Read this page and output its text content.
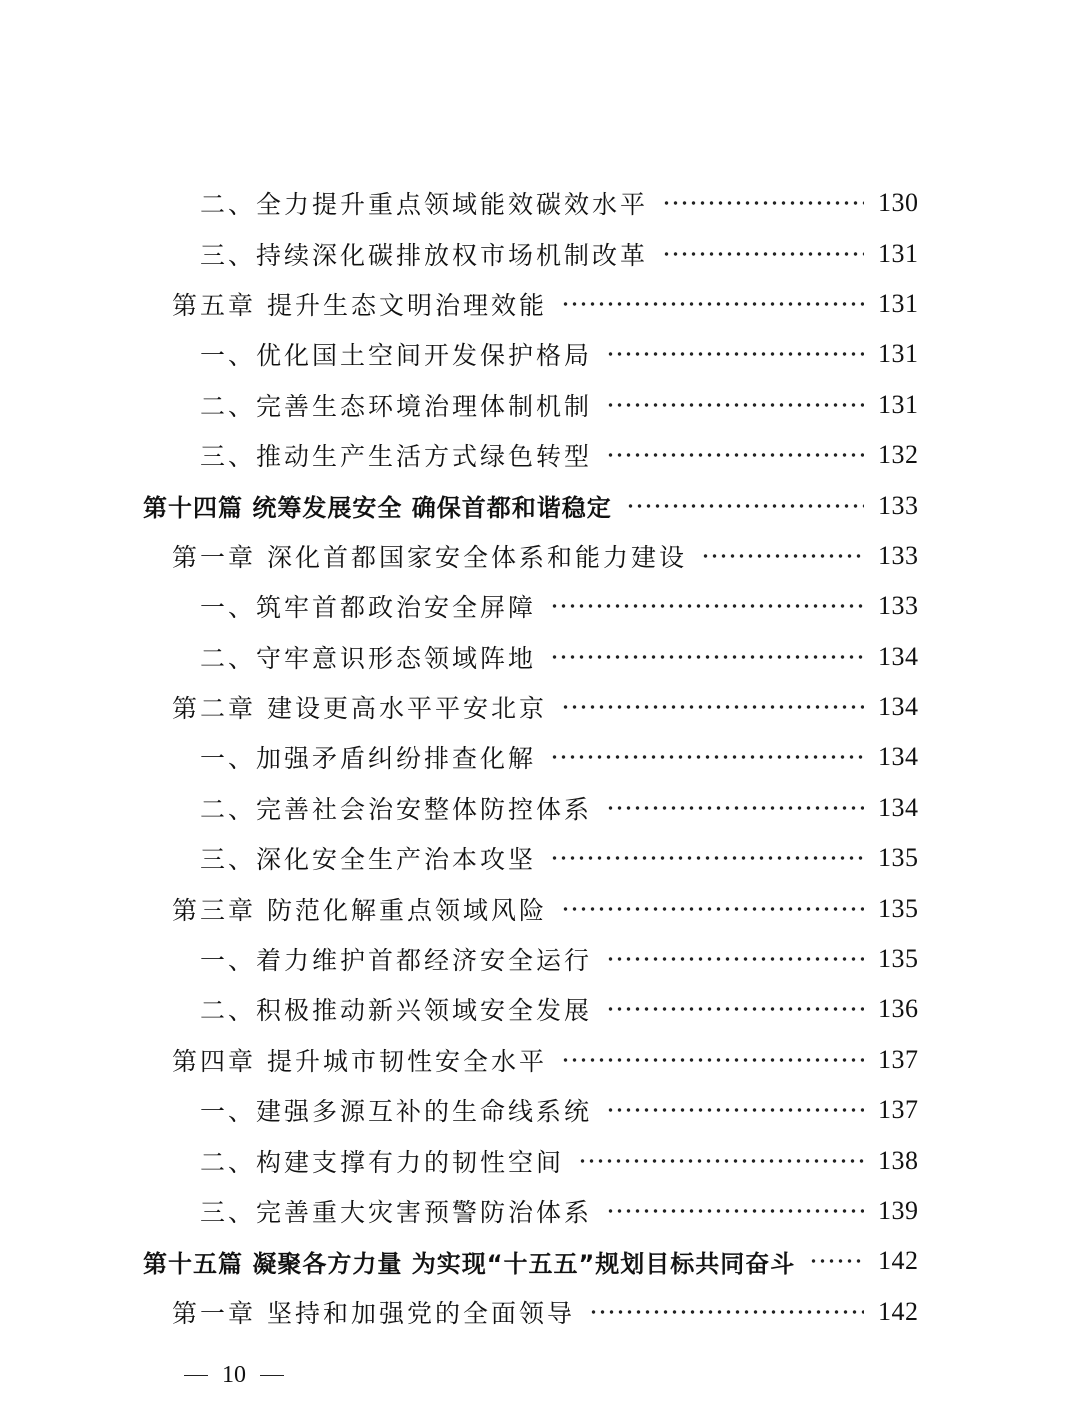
二、全力提升重点领域能效碳效水平	130
三、持续深化碳排放权市场机制改革	131
第五章 提升生态文明治理效能	131
一、优化国土空间开发保护格局	131
二、完善生态环境治理体制机制	131
三、推动生产生活方式绿色转型	132
第十四篇 统筹发展安全 确保首都和谐稳定	133
第一章 深化首都国家安全体系和能力建设	133
一、筑牢首都政治安全屏障	133
二、守牢意识形态领域阵地	134
第二章 建设更高水平平安北京	134
一、加强矛盾纠纷排查化解	134
二、完善社会治安整体防控体系	134
三、深化安全生产治本攻坚	135
第三章 防范化解重点领域风险	135
一、着力维护首都经济安全运行	135
二、积极推动新兴领域安全发展	136
第四章 提升城市韧性安全水平	137
一、建强多源互补的生命线系统	137
二、构建支撑有力的韧性空间	138
三、完善重大灾害预警防治体系	139
第十五篇 凝聚各方力量 为实现“十五五”规划目标共同奋斗	142
第一章 坚持和加强党的全面领导	142
10
